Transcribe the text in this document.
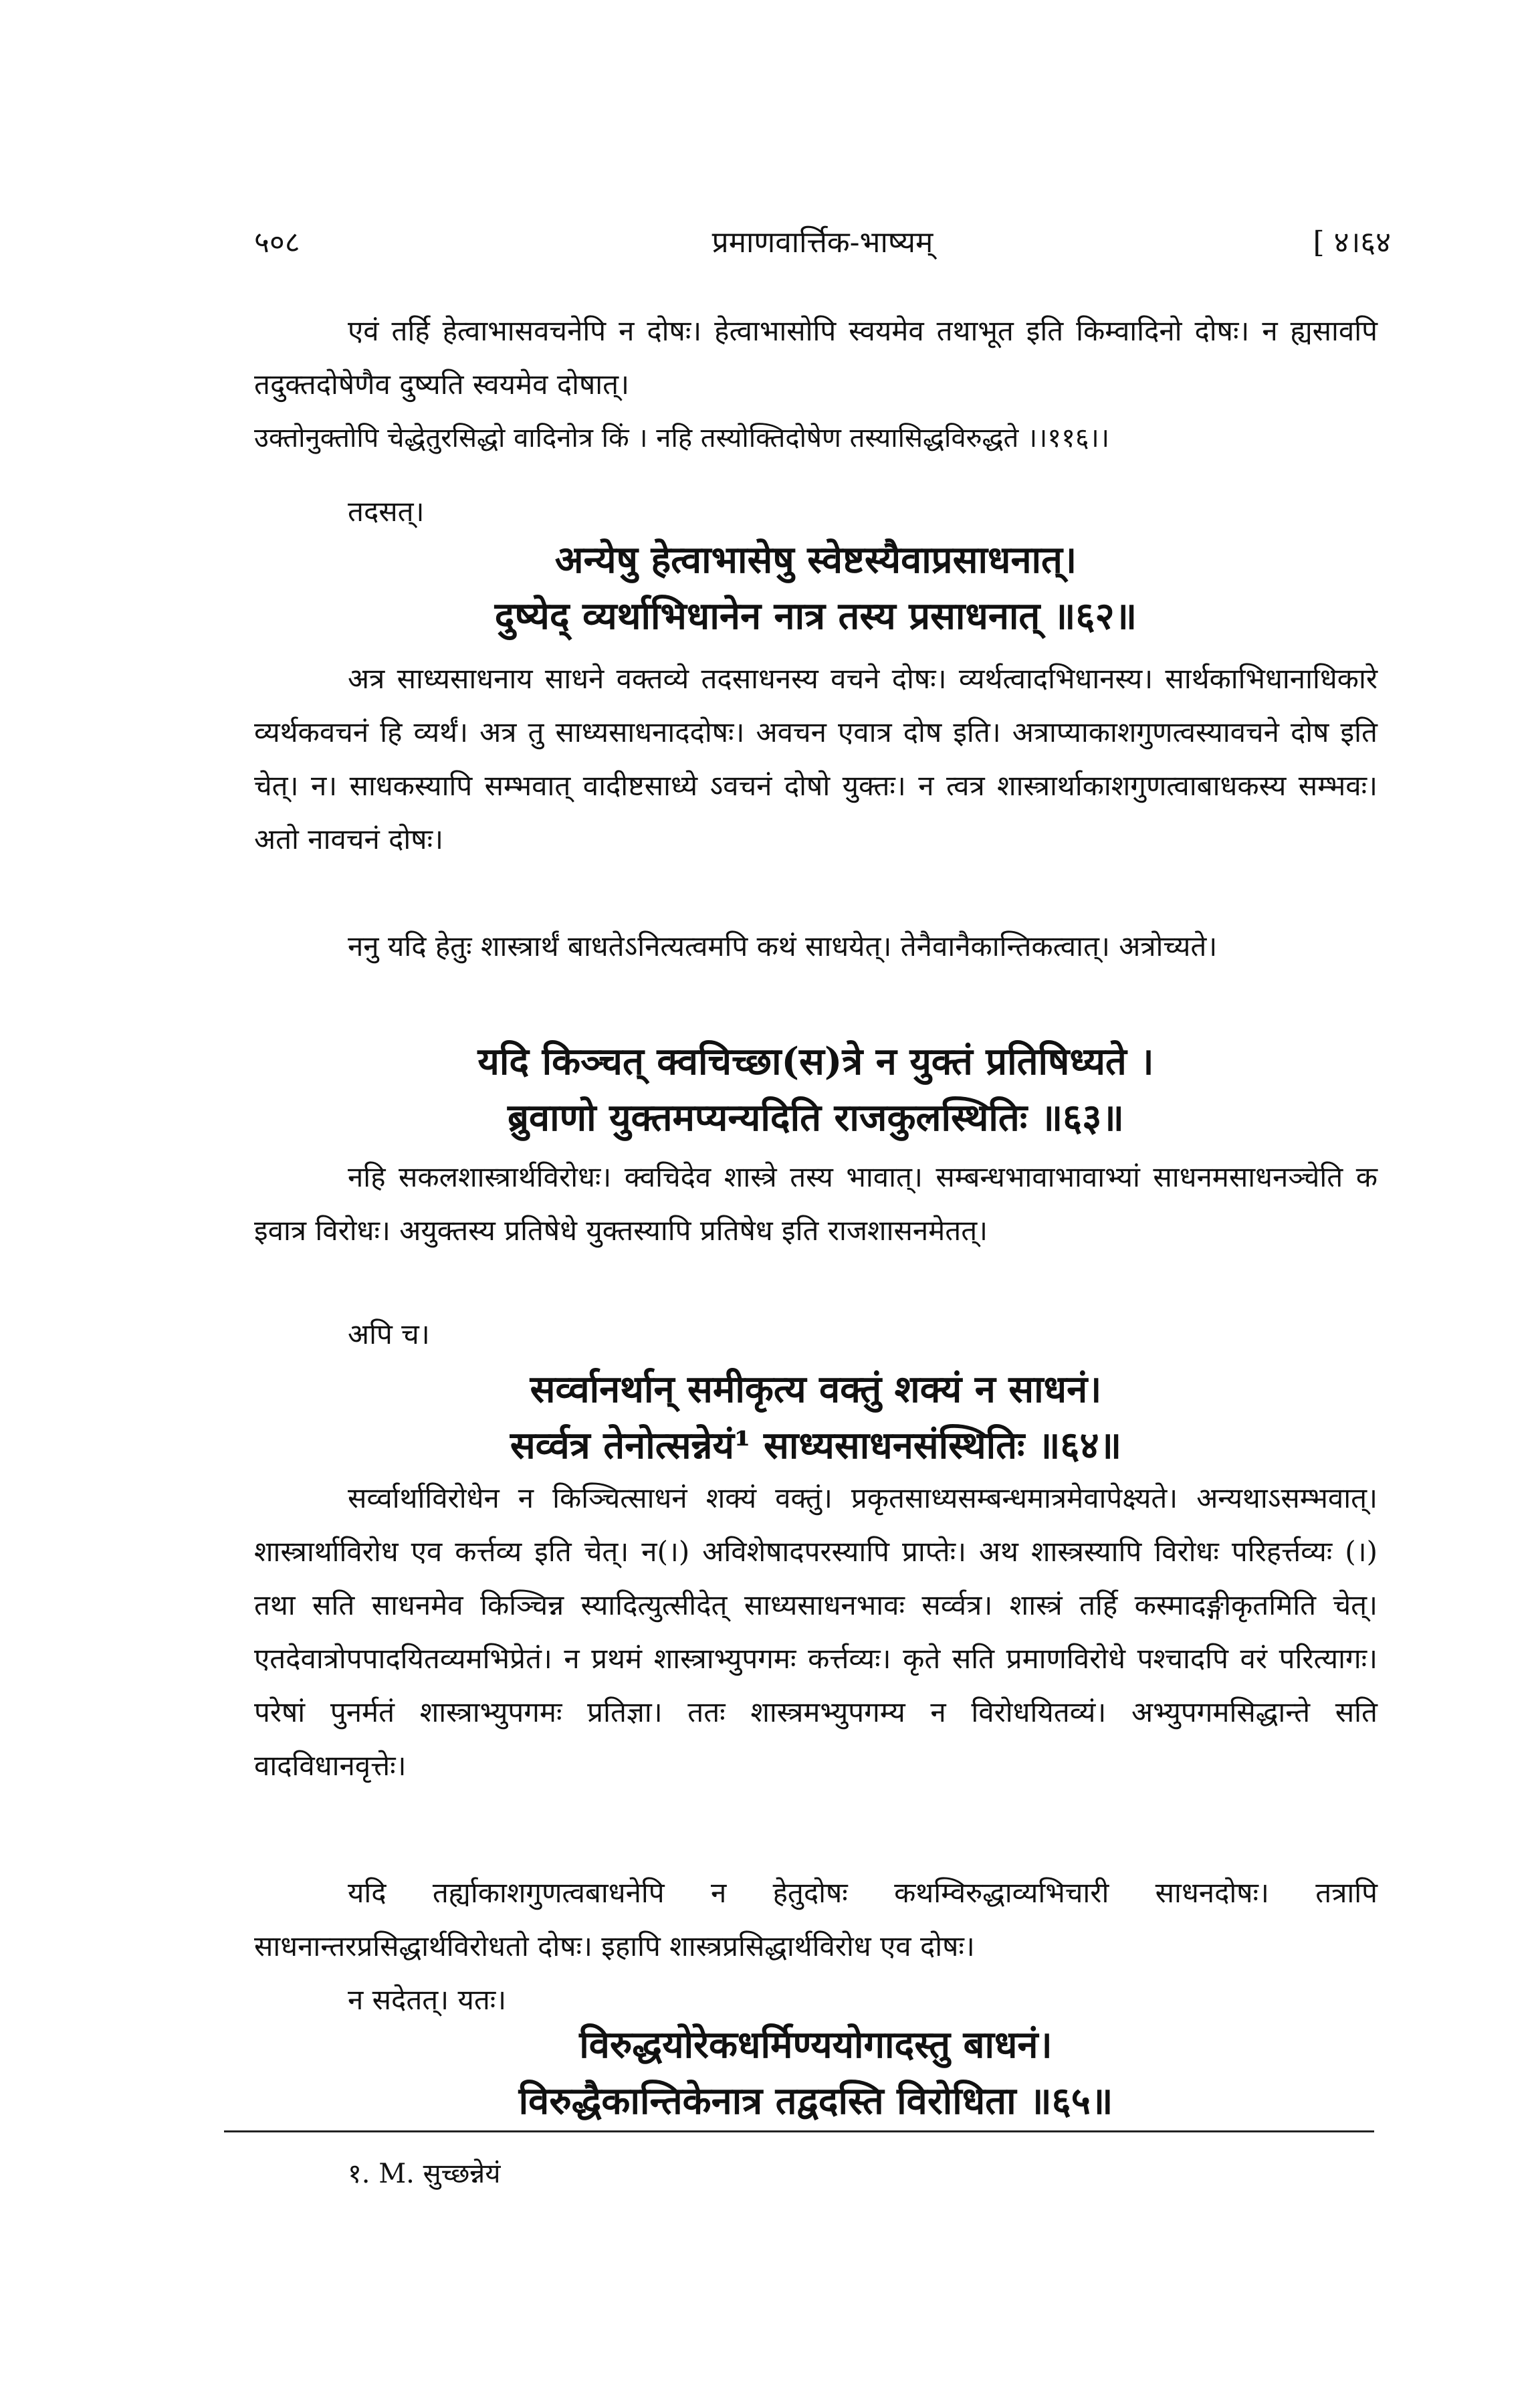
५०८	प्रमाणवार्त्तिक-भाष्यम्	[ ४।६४

एवं तर्हि हेत्वाभासवचनेपि न दोषः। हेत्वाभासोपि स्वयमेव तथाभूत इति किम्वादिनो दोषः। न ह्यसावपि तदुक्तदोषेणैव दुष्यति स्वयमेव दोषात्।

उक्तोनुक्तोपि चेद्धेतुरसिद्धो वादिनोत्र किं । नहि तस्योक्तिदोषेण तस्यासिद्धविरुद्धते ।।११६।।

तदसत्।

अन्येषु हेत्वाभासेषु स्वेष्टस्यैवाप्रसाधनात्।
दुष्येद् व्यर्थाभिधानेन नात्र तस्य प्रसाधनात् ॥६२॥

अत्र साध्यसाधनाय साधने वक्तव्ये तदसाधनस्य वचने दोषः। व्यर्थत्वादभिधानस्य। सार्थकाभिधानाधिकारे व्यर्थकवचनं हि व्यर्थं। अत्र तु साध्यसाधनाददोषः। अवचन एवात्र दोष इति। अत्राप्याकाशगुणत्वस्यावचने दोष इति चेत्। न। साधकस्यापि सम्भवात् वादीष्टसाध्ये ऽवचनं दोषो युक्तः। न त्वत्र शास्त्रार्थाकाशगुणत्वाबाधकस्य सम्भवः। अतो नावचनं दोषः।

ननु यदि हेतुः शास्त्रार्थं बाधतेऽनित्यत्वमपि कथं साधयेत्। तेनैवानैकान्तिकत्वात्। अत्रोच्यते।

यदि किञ्चत् क्वचिच्छा(स)त्रे न युक्तं प्रतिषिध्यते ।
ब्रुवाणो युक्तमप्यन्यदिति राजकुलस्थितिः ॥६३॥

नहि सकलशास्त्रार्थविरोधः। क्वचिदेव शास्त्रे तस्य भावात्। सम्बन्धभावाभावाभ्यां साधनमसाधनञ्चेति क इवात्र विरोधः। अयुक्तस्य प्रतिषेधे युक्तस्यापि प्रतिषेध इति राजशासनमेतत्।

अपि च।

सर्व्वानर्थान् समीकृत्य वक्तुं शक्यं न साधनं।
सर्व्वत्र तेनोत्सन्नेयं¹ साध्यसाधनसंस्थितिः ॥६४॥

सर्व्वार्थाविरोधेन न किञ्चित्साधनं शक्यं वक्तुं। प्रकृतसाध्यसम्बन्धमात्रमेवापेक्ष्यते। अन्यथाऽसम्भवात्। शास्त्रार्थाविरोध एव कर्त्तव्य इति चेत्। न(।) अविशेषादपरस्यापि प्राप्तेः। अथ शास्त्रस्यापि विरोधः परिहर्त्तव्यः (।) तथा सति साधनमेव किञ्चिन्न स्यादित्युत्सीदेत् साध्यसाधनभावः सर्व्वत्र। शास्त्रं तर्हि कस्मादङ्गीकृतमिति चेत्। एतदेवात्रोपपादयितव्यमभिप्रेतं। न प्रथमं शास्त्राभ्युपगमः कर्त्तव्यः। कृते सति प्रमाणविरोधे पश्चादपि वरं परित्यागः। परेषां पुनर्मतं शास्त्राभ्युपगमः प्रतिज्ञा। ततः शास्त्रमभ्युपगम्य न विरोधयितव्यं। अभ्युपगमसिद्धान्ते सति वादविधानवृत्तेः।

यदि तर्ह्याकाशगुणत्वबाधनेपि न हेतुदोषः कथम्विरुद्धाव्यभिचारी साधनदोषः। तत्रापि साधनान्तरप्रसिद्धार्थविरोधतो दोषः। इहापि शास्त्रप्रसिद्धार्थविरोध एव दोषः।

न सदेतत्। यतः।

विरुद्धयोरेकधर्मिण्ययोगादस्तु बाधनं।
विरुद्धैकान्तिकेनात्र तद्वदस्ति विरोधिता ॥६५॥

१. M. सुच्छन्नेयं
